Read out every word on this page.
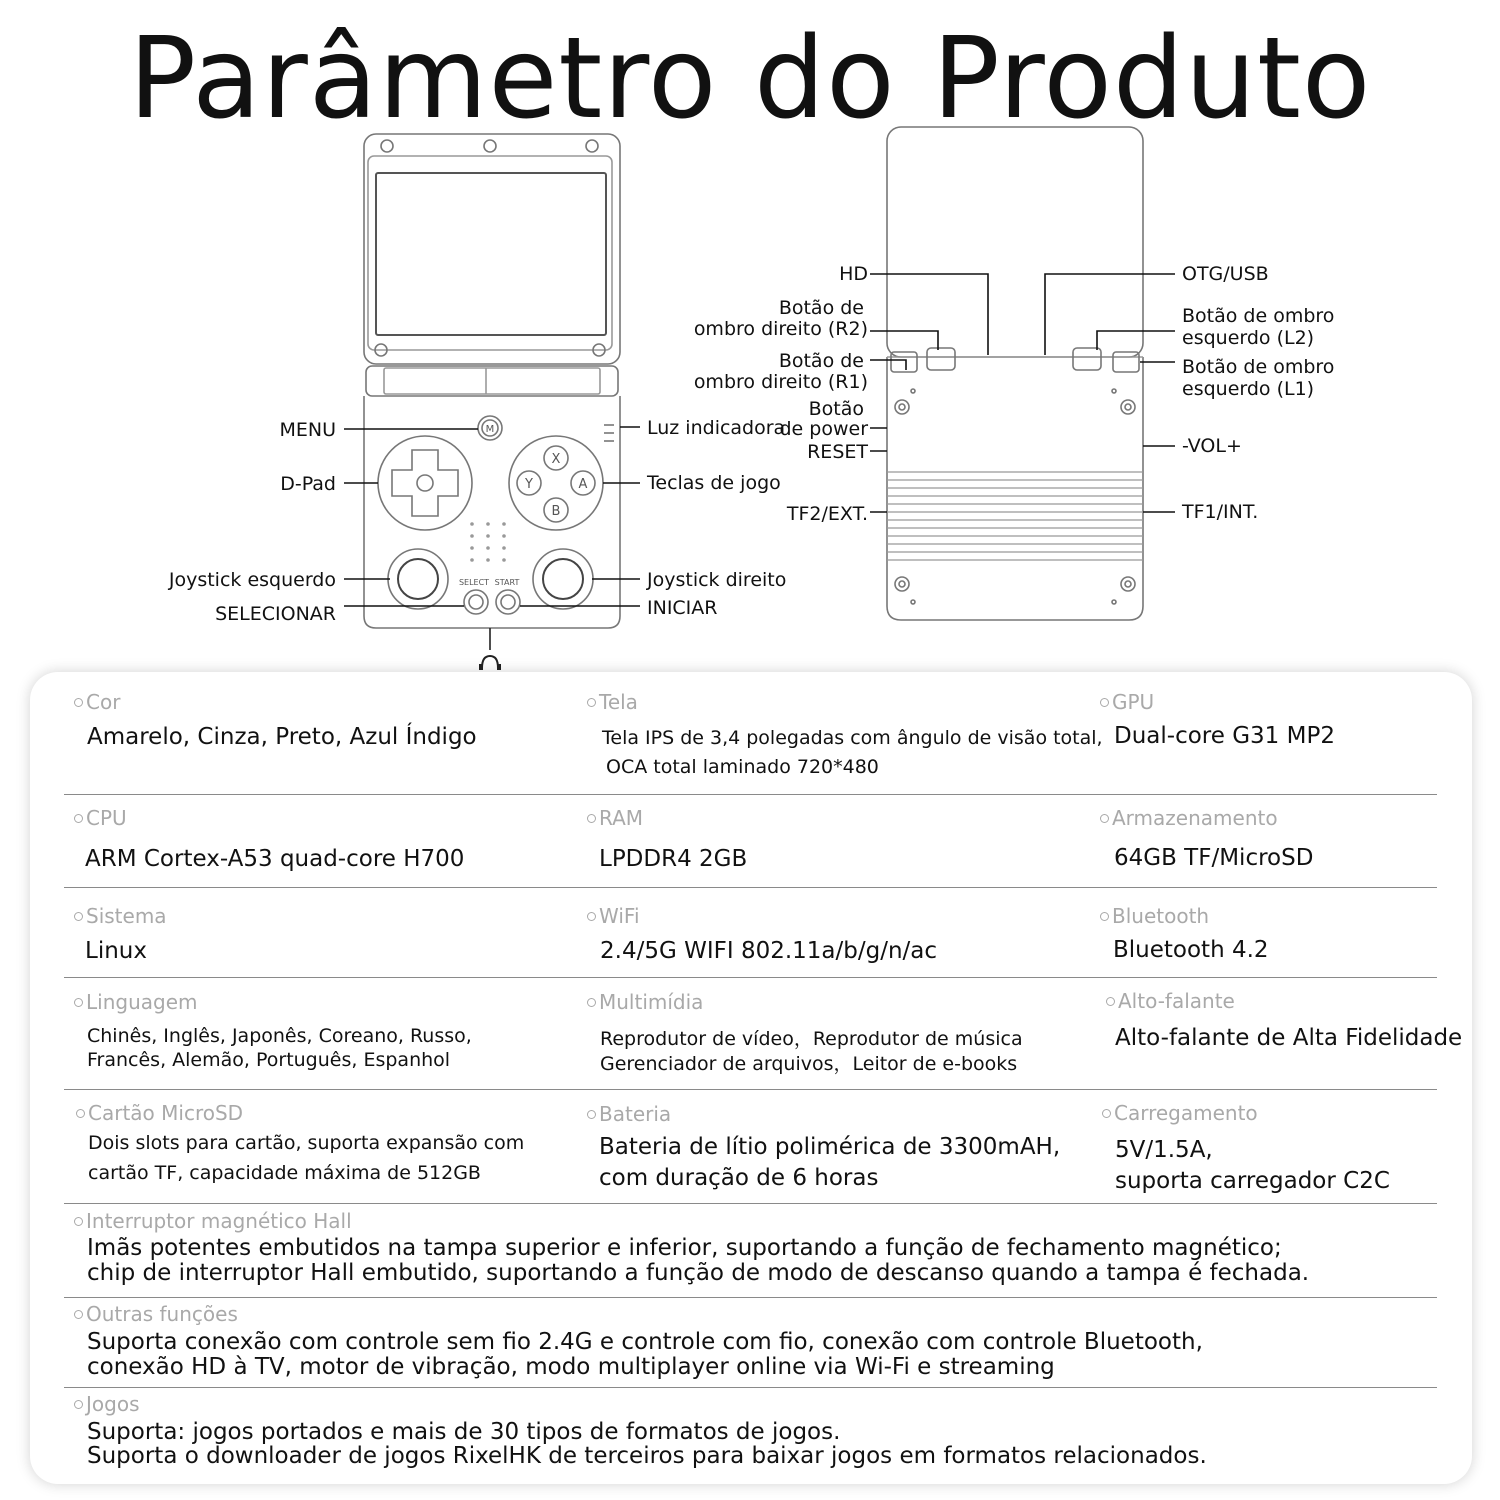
Parâmetro do Produto
M
X
Y	A
B
SELECT START
HD
Botão de
ombro direito (R2)
Botão de
ombro direito (R1)
Botão
de power
RESET
TF2/EXT.
OTG/USB
Botão de ombro
esquerdo (L2)
Botão de ombro
esquerdo (L1)
-VOL+
TF1/INT.
MENU
D-Pad
Joystick esquerdo
SELECIONAR
Luz indicadora
Teclas de jogo
Joystick direito
INICIAR
Cor
Amarelo, Cinza, Preto, Azul Índigo
Tela
Tela IPS de 3,4 polegadas com ângulo de visão total,
OCA total laminado 720*480
GPU
Dual-core G31 MP2
CPU
ARM Cortex-A53 quad-core H700
RAM
LPDDR4 2GB
Armazenamento
64GB TF/MicroSD
Sistema
Linux
WiFi
2.4/5G WIFI 802.11a/b/g/n/ac
Bluetooth
Bluetooth 4.2
Linguagem
Chinês, Inglês, Japonês, Coreano, Russo,
Francês, Alemão, Português, Espanhol
Multimídia
Reprodutor de vídeo，Reprodutor de música
Gerenciador de arquivos，Leitor de e-books
Alto-falante
Alto-falante de Alta Fidelidade
Cartão MicroSD
Dois slots para cartão, suporta expansão com
cartão TF, capacidade máxima de 512GB
Bateria
Bateria de lítio polimérica de 3300mAH,
com duração de 6 horas
Carregamento
5V/1.5A,
suporta carregador C2C
Interruptor magnético Hall
Imãs potentes embutidos na tampa superior e inferior, suportando a função de fechamento magnético;
chip de interruptor Hall embutido, suportando a função de modo de descanso quando a tampa é fechada.
Outras funções
Suporta conexão com controle sem fio 2.4G e controle com fio, conexão com controle Bluetooth,
conexão HD à TV, motor de vibração, modo multiplayer online via Wi-Fi e streaming
Jogos
Suporta: jogos portados e mais de 30 tipos de formatos de jogos.
Suporta o downloader de jogos RixelHK de terceiros para baixar jogos em formatos relacionados.
